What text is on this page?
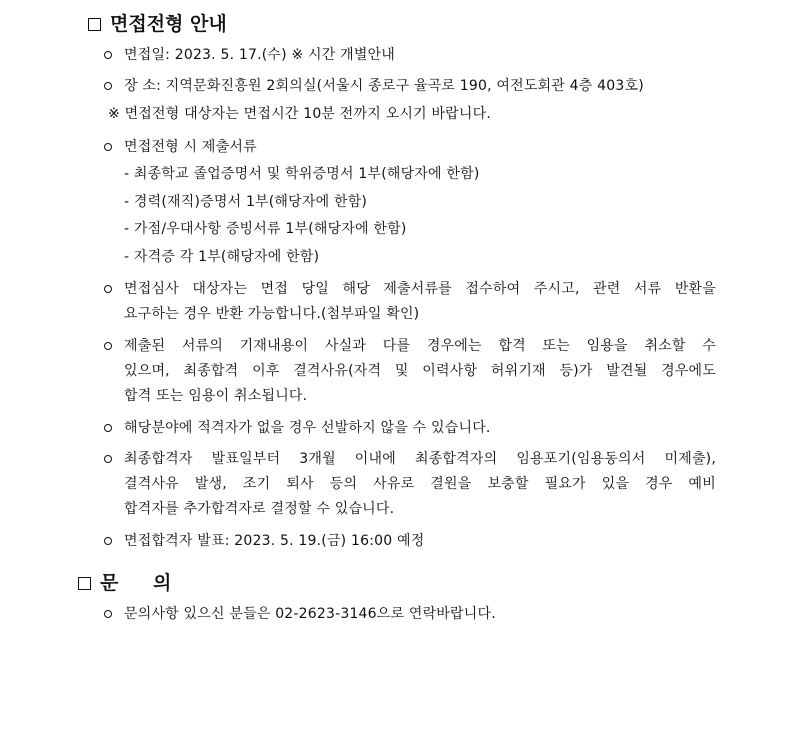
면접전형 안내
면접일: 2023. 5. 17.(수) ※ 시간 개별안내
장 소: 지역문화진흥원 2회의실(서울시 종로구 율곡로 190, 여전도회관 4층 403호)
※ 면접전형 대상자는 면접시간 10분 전까지 오시기 바랍니다.
면접전형 시 제출서류
- 최종학교 졸업증명서 및 학위증명서 1부(해당자에 한함)
- 경력(재직)증명서 1부(해당자에 한함)
- 가점/우대사항 증빙서류 1부(해당자에 한함)
- 자격증 각 1부(해당자에 한함)
면접심사 대상자는 면접 당일 해당 제출서류를 접수하여 주시고, 관련 서류 반환을
요구하는 경우 반환 가능합니다.(첨부파일 확인)
제출된 서류의 기재내용이 사실과 다를 경우에는 합격 또는 임용을 취소할 수
있으며, 최종합격 이후 결격사유(자격 및 이력사항 허위기재 등)가 발견될 경우에도
합격 또는 임용이 취소됩니다.
해당분야에 적격자가 없을 경우 선발하지 않을 수 있습니다.
최종합격자 발표일부터 3개월 이내에 최종합격자의 임용포기(임용동의서 미제출),
결격사유 발생, 조기 퇴사 등의 사유로 결원을 보충할 필요가 있을 경우 예비
합격자를 추가합격자로 결정할 수 있습니다.
면접합격자 발표: 2023. 5. 19.(금) 16:00 예정
문 의
문의사항 있으신 분들은 02-2623-3146으로 연락바랍니다.
